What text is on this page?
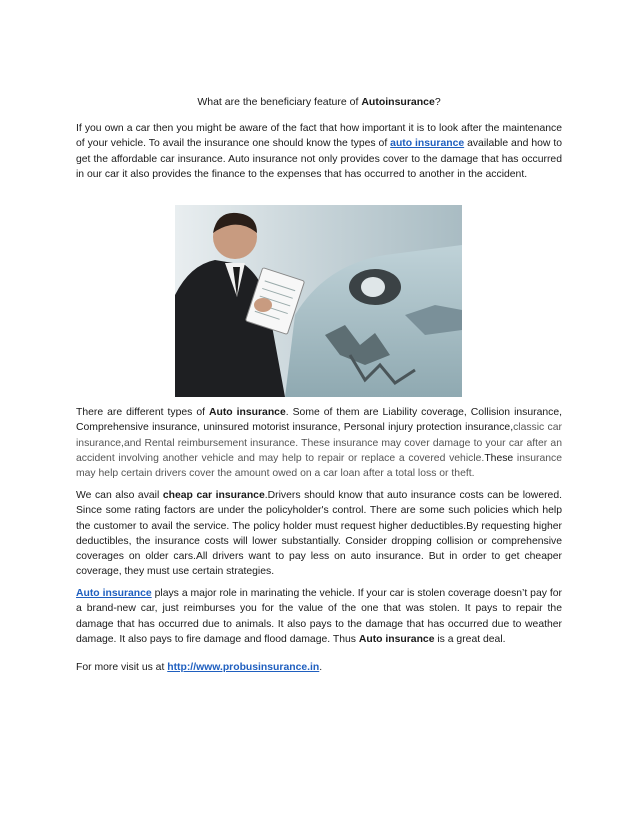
What are the beneficiary feature of Autoinsurance?
If you own a car then you might be aware of the fact that how important it is to look after the maintenance of your vehicle. To avail the insurance one should know the types of auto insurance available and how to get the affordable car insurance. Auto insurance not only provides cover to the damage that has occurred in our car it also provides the finance to the expenses that has occurred to another in the accident.
There are different types of Auto insurance. Some of them are Liability coverage, Collision insurance, Comprehensive insurance, uninsured motorist insurance, Personal injury protection insurance,classic car insurance,and Rental reimbursement insurance. These insurance may cover damage to your car after an accident involving another vehicle and may help to repair or replace a covered vehicle.These insurance may help certain drivers cover the amount owed on a car loan after a total loss or theft.
We can also avail cheap car insurance.Drivers should know that auto insurance costs can be lowered. Since some rating factors are under the policyholder's control. There are some such policies which help the customer to avail the service. The policy holder must request higher deductibles.By requesting higher deductibles, the insurance costs will lower substantially. Consider dropping collision or comprehensive coverages on older cars.All drivers want to pay less on auto insurance. But in order to get cheaper coverage, they must use certain strategies.
Auto insurance plays a major role in marinating the vehicle. If your car is stolen coverage doesn’t pay for a brand-new car, just reimburses you for the value of the one that was stolen. It pays to repair the damage that has occurred due to animals. It also pays to the damage that has occurred due to weather damage. It also pays to fire damage and flood damage. Thus Auto insurance is a great deal.
For more visit us at http://www.probusinsurance.in.
